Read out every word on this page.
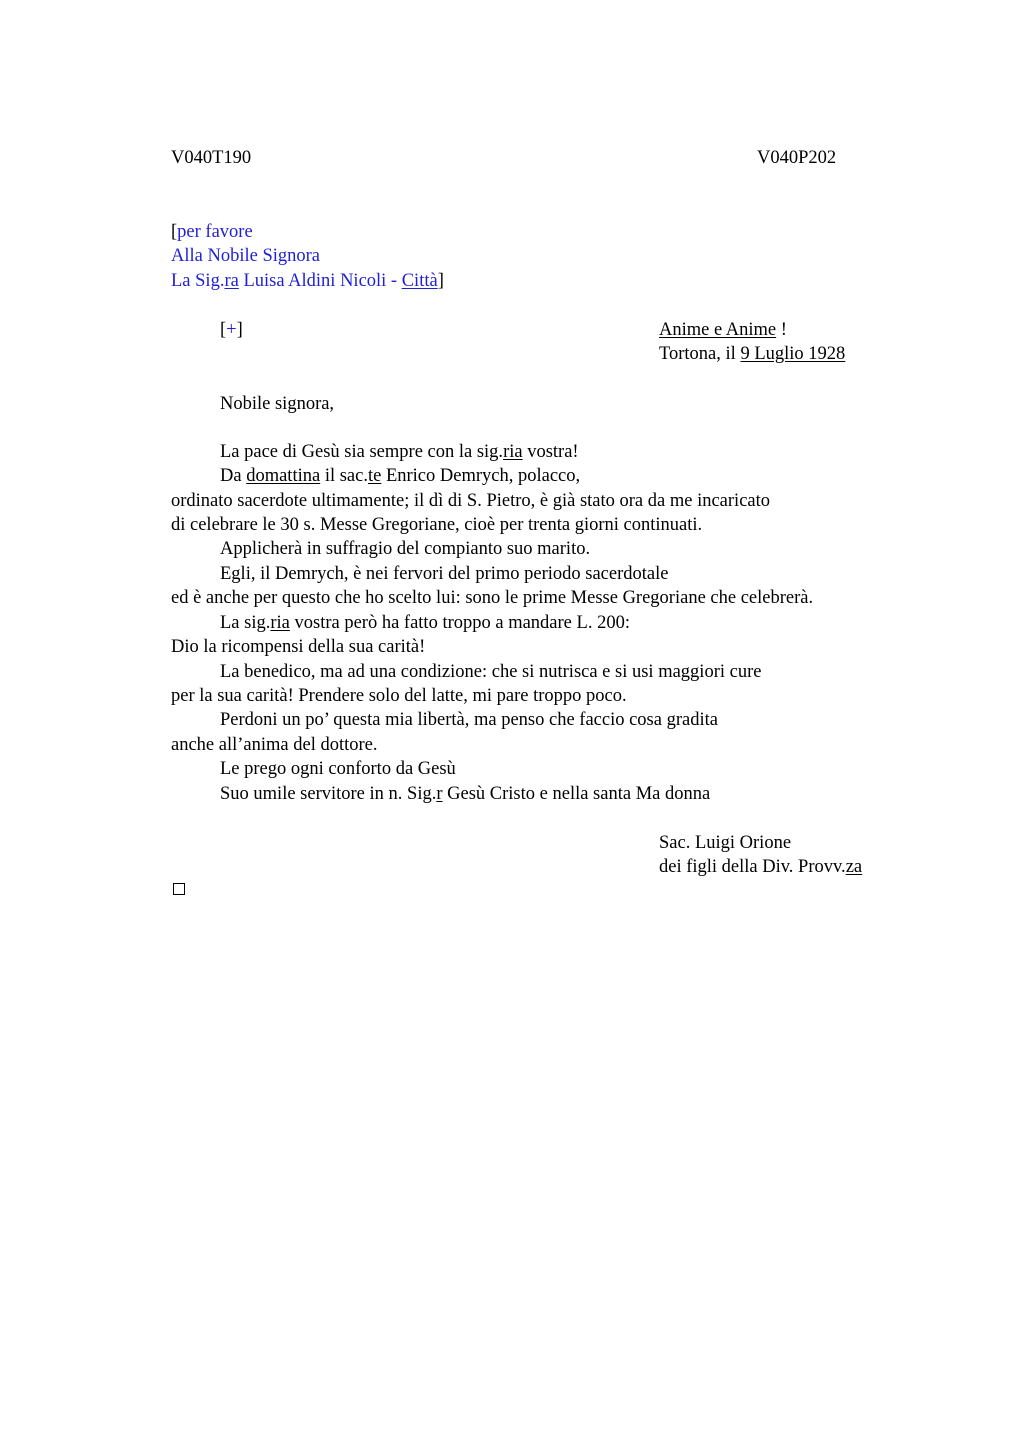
V040T190	V040P202
[per favore
Alla Nobile Signora
La Sig.ra Luisa Aldini Nicoli - Città]
[+]	Anime e Anime !
Tortona, il 9 Luglio 1928
Nobile signora,
La pace di Gesù sia sempre con la sig.ria vostra!
Da domattina il sac.te Enrico Demrych, polacco,
ordinato sacerdote ultimamente; il dì di S. Pietro, è già stato ora da me incaricato
di celebrare le 30 s. Messe Gregoriane, cioè per trenta giorni continuati.
Applicherà in suffragio del compianto suo marito.
Egli, il Demrych, è nei fervori del primo periodo sacerdotale
ed è anche per questo che ho scelto lui: sono le prime Messe Gregoriane che celebrerà.
La sig.ria vostra però ha fatto troppo a mandare L. 200:
Dio la ricompensi della sua carità!
La benedico, ma ad una condizione: che si nutrisca e si usi maggiori cure
per la sua carità! Prendere solo del latte, mi pare troppo poco.
Perdoni un po’ questa mia libertà, ma penso che faccio cosa gradita
anche all’anima del dottore.
Le prego ogni conforto da Gesù
Suo umile servitore in n. Sig.r Gesù Cristo e nella santa Ma donna
Sac. Luigi Orione
dei figli della Div. Provv.za
